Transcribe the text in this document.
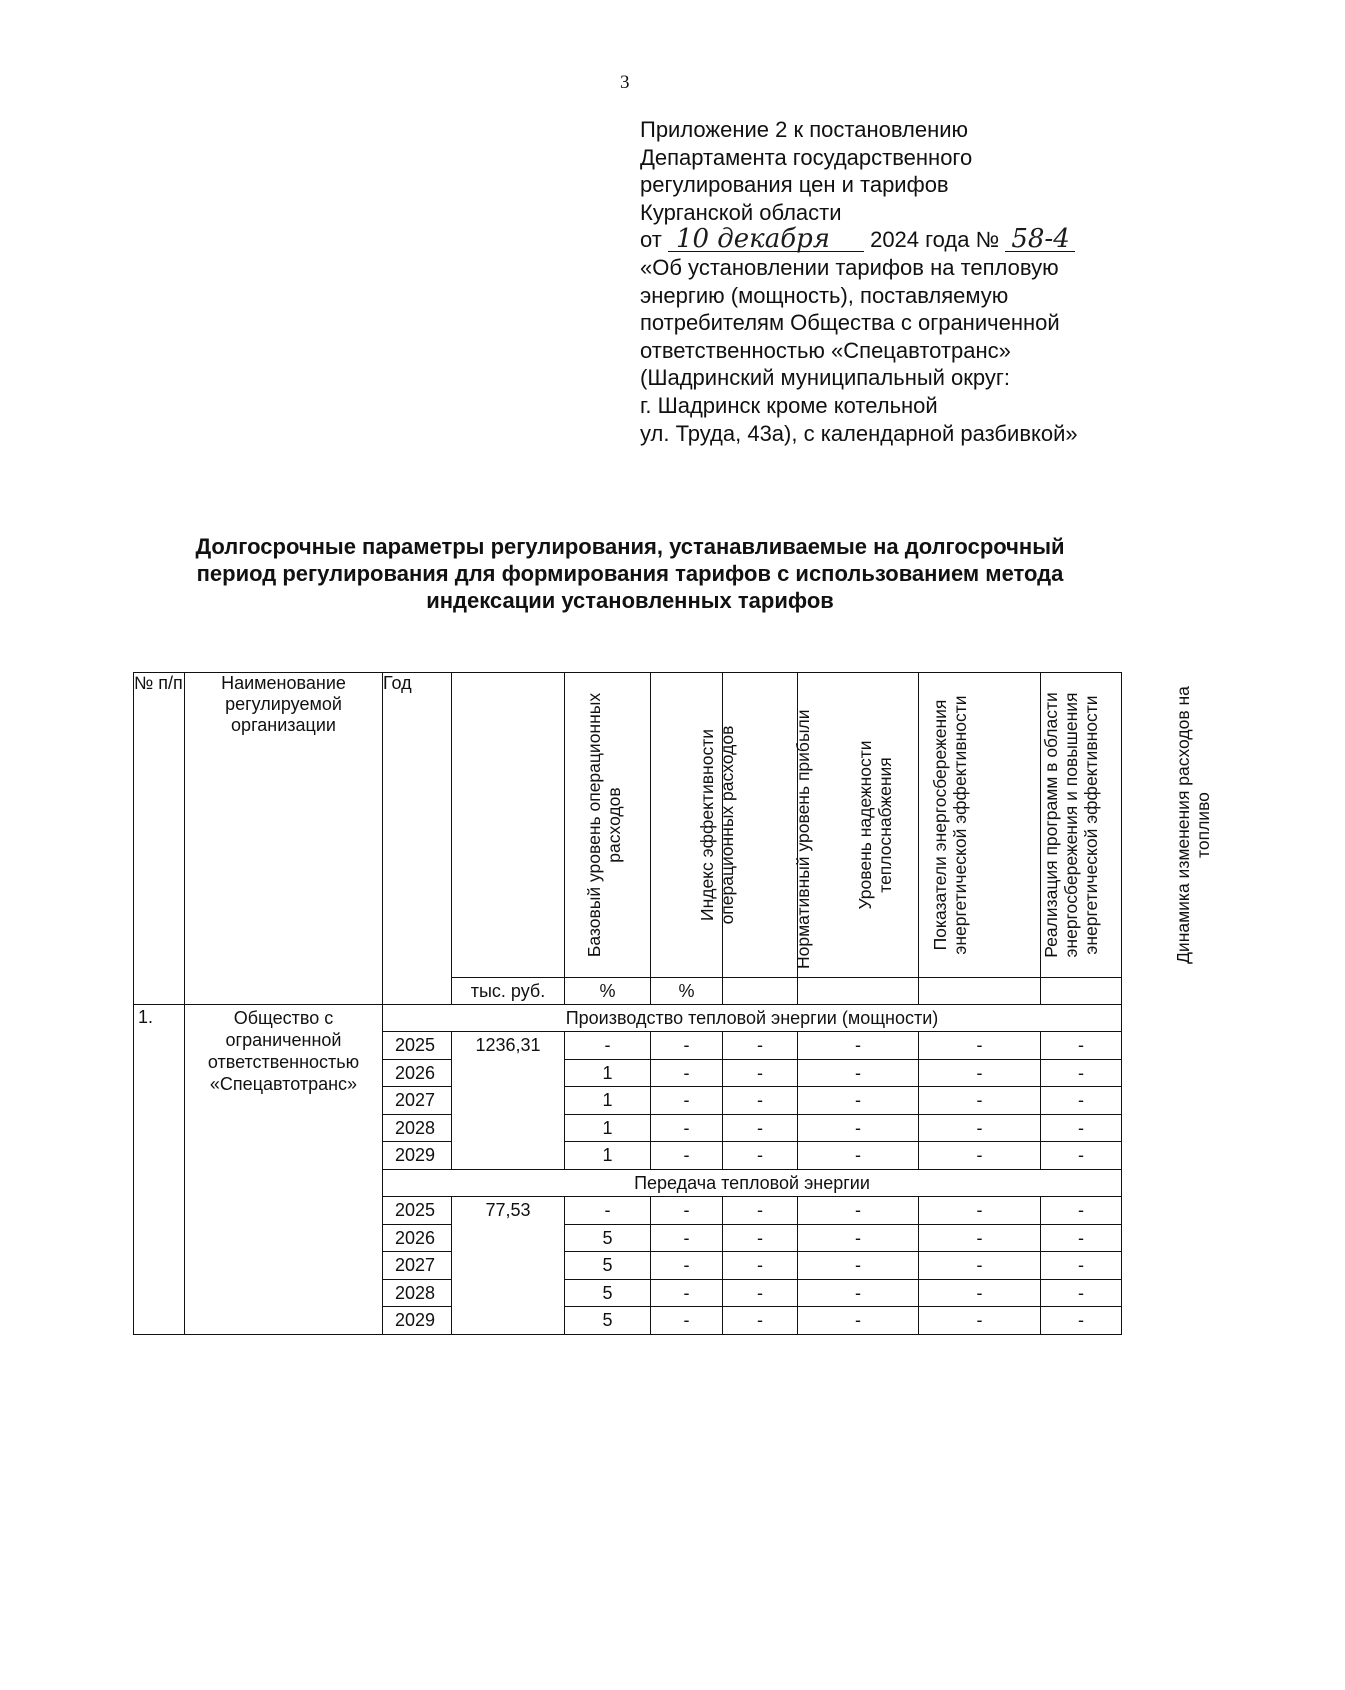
3
Приложение 2 к постановлению
Департамента государственного
регулирования цен и тарифов
Курганской области
от 10 декабря 2024 года № 58-4
«Об установлении тарифов на тепловую
энергию (мощность), поставляемую
потребителям Общества с ограниченной
ответственностью «Спецавтотранс»
(Шадринский муниципальный округ:
г. Шадринск кроме котельной
ул. Труда, 43а), с календарной разбивкой»
Долгосрочные параметры регулирования, устанавливаемые на долгосрочный
период регулирования для формирования тарифов с использованием метода
индексации установленных тарифов
№ п/п	Наименование регулируемой организации	Год	Базовый уровень операционных расходов	Индекс эффективности операционных расходов	Нормативный уровень прибыли	Уровень надежности теплоснабжения	Показатели энергосбережения энергетической эффективности	Реализация программ в области энергосбережения и повышения энергетической эффективности	Динамика изменения расходов на топливо

			тыс. руб.	%	%				
1.	Общество с ограниченной ответственностью «Спецавтотранс»	Производство тепловой энергии (мощности)							
		2025	1236,31	-	-	-	-	-	-
		2026		1	-	-	-	-	-
		2027		1	-	-	-	-	-
		2028		1	-	-	-	-	-
		2029		1	-	-	-	-	-
		Передача тепловой энергии							
		2025	77,53	-	-	-	-	-	-
		2026		5	-	-	-	-	-
		2027		5	-	-	-	-	-
		2028		5	-	-	-	-	-
		2029		5	-	-	-	-	-
